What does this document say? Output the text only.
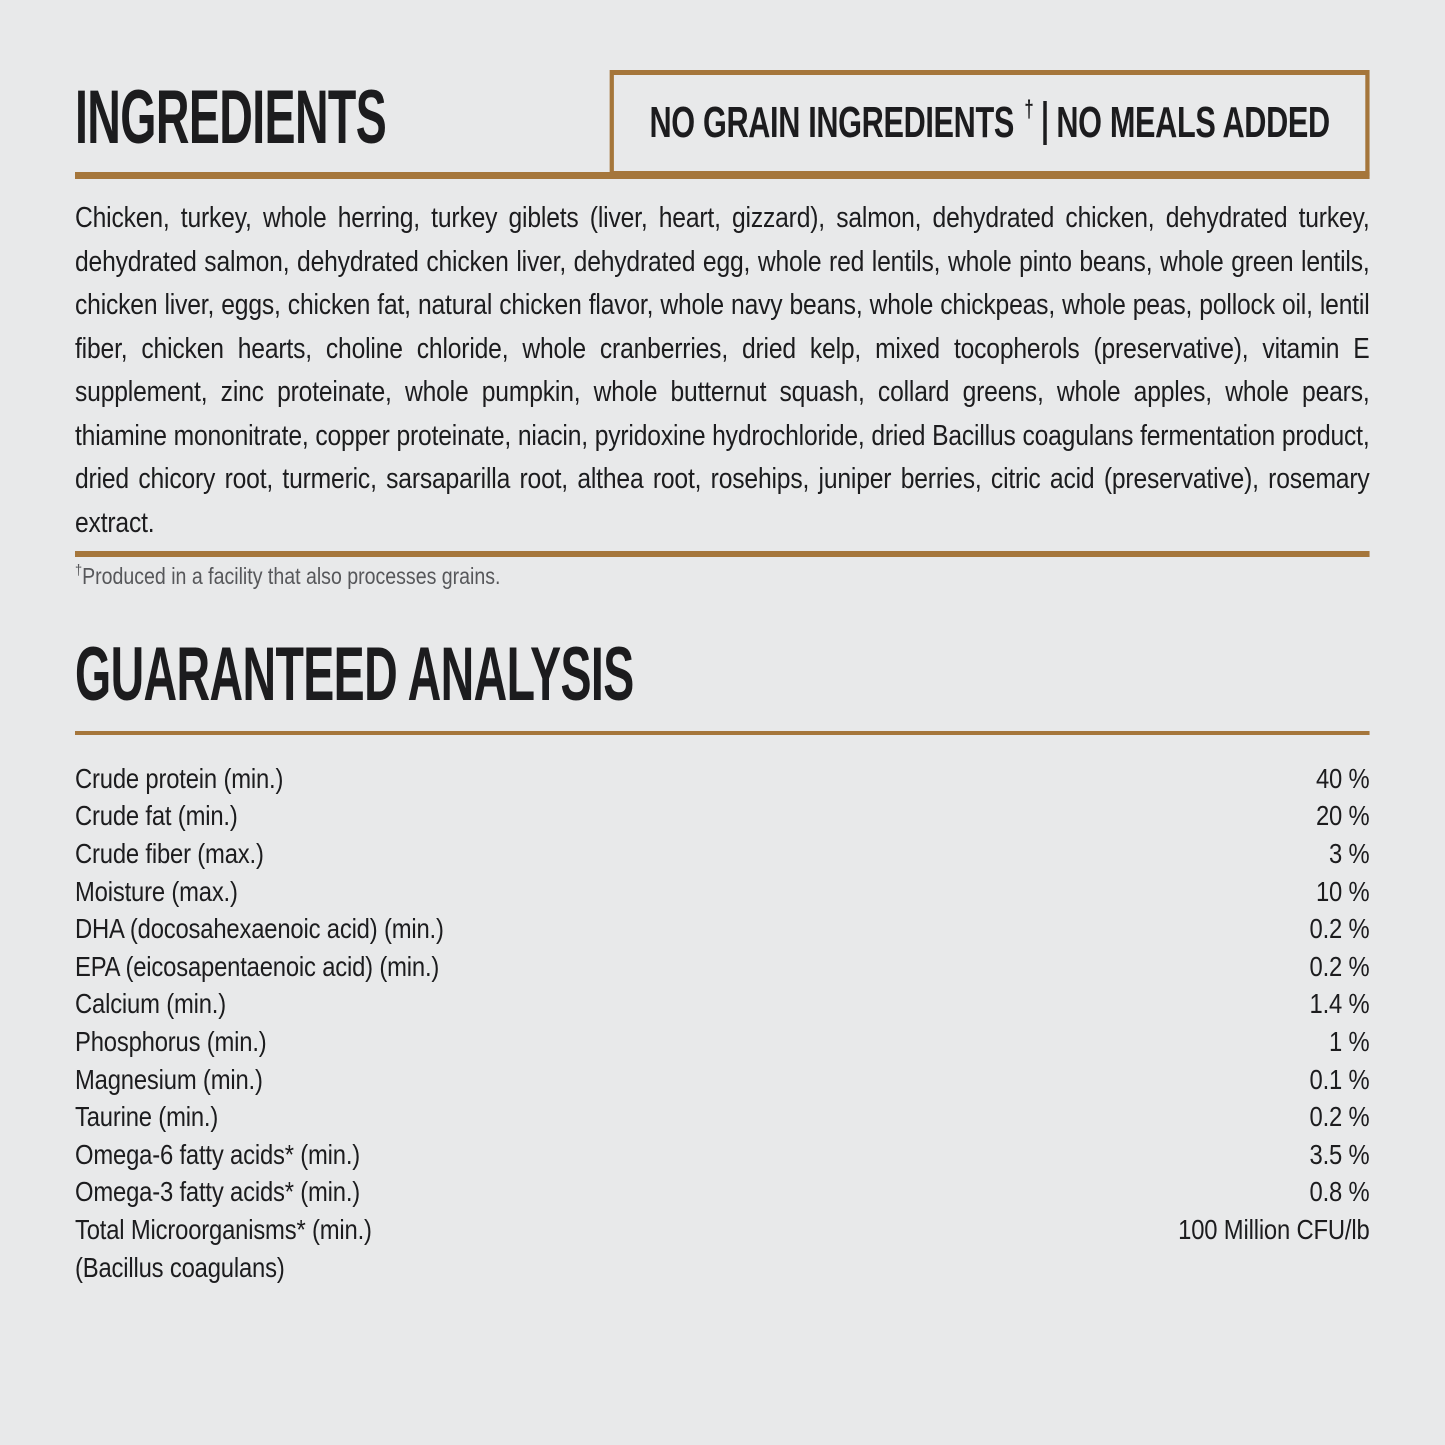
INGREDIENTS	NO GRAIN INGREDIENTS † NO MEALS ADDED
Chicken, turkey, whole herring, turkey giblets (liver, heart, gizzard), salmon, dehydrated chicken, dehydrated turkey, dehydrated salmon, dehydrated chicken liver, dehydrated egg, whole red lentils, whole pinto beans, whole green lentils, chicken liver, eggs, chicken fat, natural chicken flavor, whole navy beans, whole chickpeas, whole peas, pollock oil, lentil fiber, chicken hearts, choline chloride, whole cranberries, dried kelp, mixed tocopherols (preservative), vitamin E supplement, zinc proteinate, whole pumpkin, whole butternut squash, collard greens, whole apples, whole pears, thiamine mononitrate, copper proteinate, niacin, pyridoxine hydrochloride, dried Bacillus coagulans fermentation product, dried chicory root, turmeric, sarsaparilla root, althea root, rosehips, juniper berries, citric acid (preservative), rosemary extract.
†Produced in a facility that also processes grains.
GUARANTEED ANALYSIS
Crude protein (min.)	40 %
Crude fat (min.)	20 %
Crude fiber (max.)	3 %
Moisture (max.)	10 %
DHA (docosahexaenoic acid) (min.)	0.2 %
EPA (eicosapentaenoic acid) (min.)	0.2 %
Calcium (min.)	1.4 %
Phosphorus (min.)	1 %
Magnesium (min.)	0.1 %
Taurine (min.)	0.2 %
Omega-6 fatty acids* (min.)	3.5 %
Omega-3 fatty acids* (min.)	0.8 %
Total Microorganisms* (min.)	100 Million CFU/lb
(Bacillus coagulans)
